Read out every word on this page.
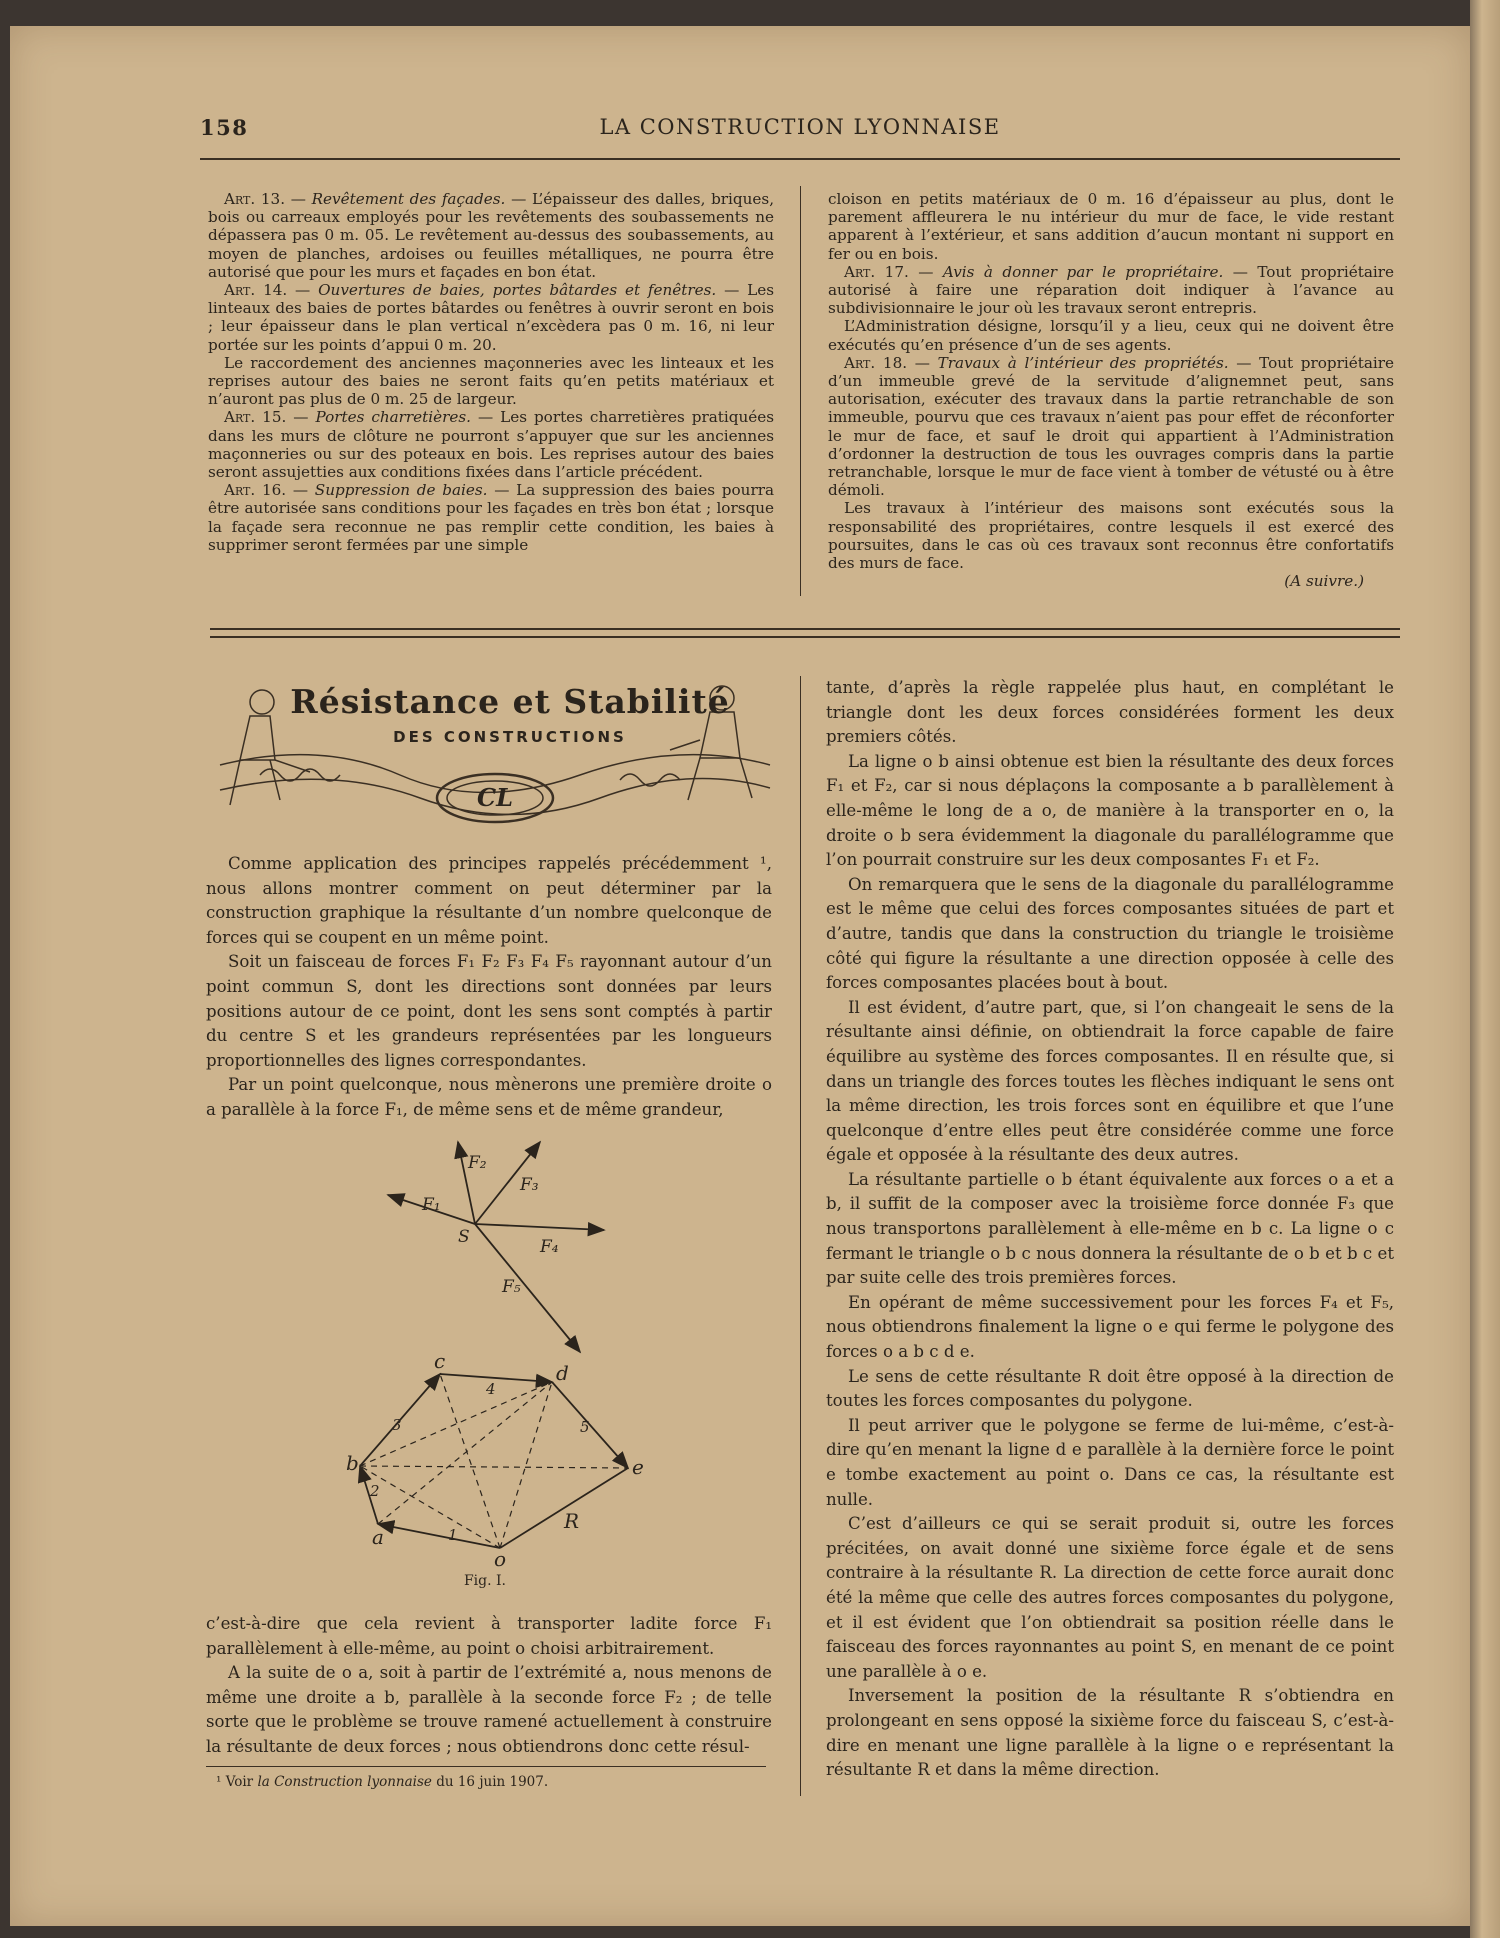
158	LA CONSTRUCTION LYONNAISE

Art. 13. — Revêtement des façades. — L’épaisseur des dalles, briques, bois ou carreaux employés pour les revêtements des soubassements ne dépassera pas 0 m. 05. Le revêtement au-dessus des soubassements, au moyen de planches, ardoises ou feuilles métalliques, ne pourra être autorisé que pour les murs et façades en bon état.

Art. 14. — Ouvertures de baies, portes bâtardes et fenêtres. — Les linteaux des baies de portes bâtardes ou fenêtres à ouvrir seront en bois ; leur épaisseur dans le plan vertical n’excèdera pas 0 m. 16, ni leur portée sur les points d’appui 0 m. 20.

Le raccordement des anciennes maçonneries avec les linteaux et les reprises autour des baies ne seront faits qu’en petits matériaux et n’auront pas plus de 0 m. 25 de largeur.

Art. 15. — Portes charretières. — Les portes charretières pratiquées dans les murs de clôture ne pourront s’appuyer que sur les anciennes maçonneries ou sur des poteaux en bois. Les reprises autour des baies seront assujetties aux conditions fixées dans l’article précédent.

Art. 16. — Suppression de baies. — La suppression des baies pourra être autorisée sans conditions pour les façades en très bon état ; lorsque la façade sera reconnue ne pas remplir cette condition, les baies à supprimer seront fermées par une simple

cloison en petits matériaux de 0 m. 16 d’épaisseur au plus, dont le parement affleurera le nu intérieur du mur de face, le vide restant apparent à l’extérieur, et sans addition d’aucun montant ni support en fer ou en bois.

Art. 17. — Avis à donner par le propriétaire. — Tout propriétaire autorisé à faire une réparation doit indiquer à l’avance au subdivisionnaire le jour où les travaux seront entrepris.

L’Administration désigne, lorsqu’il y a lieu, ceux qui ne doivent être exécutés qu’en présence d’un de ses agents.

Art. 18. — Travaux à l’intérieur des propriétés. — Tout propriétaire d’un immeuble grevé de la servitude d’alignemnet peut, sans autorisation, exécuter des travaux dans la partie retranchable de son immeuble, pourvu que ces travaux n’aient pas pour effet de réconforter le mur de face, et sauf le droit qui appartient à l’Administration d’ordonner la destruction de tous les ouvrages compris dans la partie retranchable, lorsque le mur de face vient à tomber de vétusté ou à être démoli.

Les travaux à l’intérieur des maisons sont exécutés sous la responsabilité des propriétaires, contre lesquels il est exercé des poursuites, dans le cas où ces travaux sont reconnus être confortatifs des murs de face.

(A suivre.)
Résistance et Stabilité
DES CONSTRUCTIONS
CL

Comme application des principes rappelés précédemment ¹, nous allons montrer comment on peut déterminer par la construction graphique la résultante d’un nombre quelconque de forces qui se coupent en un même point.

Soit un faisceau de forces F₁ F₂ F₃ F₄ F₅ rayonnant autour d’un point commun S, dont les directions sont données par leurs positions autour de ce point, dont les sens sont comptés à partir du centre S et les grandeurs représentées par les longueurs proportionnelles des lignes correspondantes.

Par un point quelconque, nous mènerons une première droite o a parallèle à la force F₁, de même sens et de même grandeur,

F₁
F₂
F₃
F₄
F₅
S
c	d
e
b
a
o
R
1
2
3
4
5
Fig. I.

c’est-à-dire que cela revient à transporter ladite force F₁ parallèlement à elle-même, au point o choisi arbitrairement.

A la suite de o a, soit à partir de l’extrémité a, nous menons de même une droite a b, parallèle à la seconde force F₂ ; de telle sorte que le problème se trouve ramené actuellement à construire la résultante de deux forces ; nous obtiendrons donc cette résul-

¹ Voir la Construction lyonnaise du 16 juin 1907.

tante, d’après la règle rappelée plus haut, en complétant le triangle dont les deux forces considérées forment les deux premiers côtés.

La ligne o b ainsi obtenue est bien la résultante des deux forces F₁ et F₂, car si nous déplaçons la composante a b parallèlement à elle-même le long de a o, de manière à la transporter en o, la droite o b sera évidemment la diagonale du parallélogramme que l’on pourrait construire sur les deux composantes F₁ et F₂.

On remarquera que le sens de la diagonale du parallélogramme est le même que celui des forces composantes situées de part et d’autre, tandis que dans la construction du triangle le troisième côté qui figure la résultante a une direction opposée à celle des forces composantes placées bout à bout.

Il est évident, d’autre part, que, si l’on changeait le sens de la résultante ainsi définie, on obtiendrait la force capable de faire équilibre au système des forces composantes. Il en résulte que, si dans un triangle des forces toutes les flèches indiquant le sens ont la même direction, les trois forces sont en équilibre et que l’une quelconque d’entre elles peut être considérée comme une force égale et opposée à la résultante des deux autres.

La résultante partielle o b étant équivalente aux forces o a et a b, il suffit de la composer avec la troisième force donnée F₃ que nous transportons parallèlement à elle-même en b c. La ligne o c fermant le triangle o b c nous donnera la résultante de o b et b c et par suite celle des trois premières forces.

En opérant de même successivement pour les forces F₄ et F₅, nous obtiendrons finalement la ligne o e qui ferme le polygone des forces o a b c d e.

Le sens de cette résultante R doit être opposé à la direction de toutes les forces composantes du polygone.

Il peut arriver que le polygone se ferme de lui-même, c’est-à-dire qu’en menant la ligne d e parallèle à la dernière force le point e tombe exactement au point o. Dans ce cas, la résultante est nulle.

C’est d’ailleurs ce qui se serait produit si, outre les forces précitées, on avait donné une sixième force égale et de sens contraire à la résultante R. La direction de cette force aurait donc été la même que celle des autres forces composantes du polygone, et il est évident que l’on obtiendrait sa position réelle dans le faisceau des forces rayonnantes au point S, en menant de ce point une parallèle à o e.

Inversement la position de la résultante R s’obtiendra en prolongeant en sens opposé la sixième force du faisceau S, c’est-à-dire en menant une ligne parallèle à la ligne o e représentant la résultante R et dans la même direction.
